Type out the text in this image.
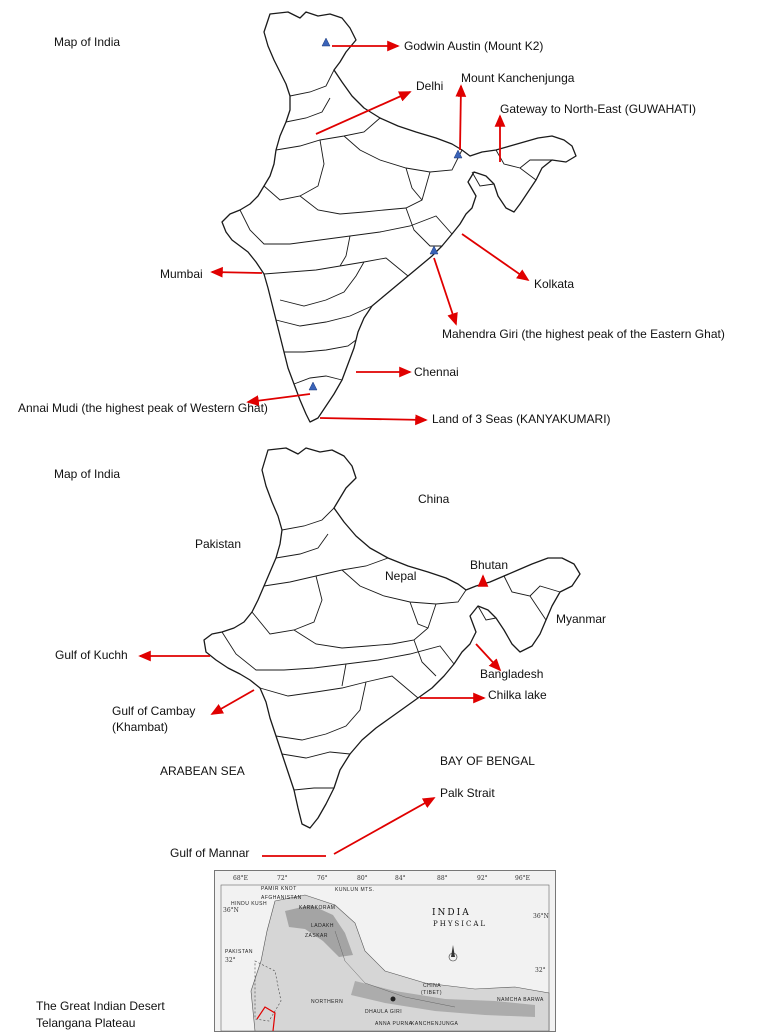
Map of India	Godwin Austin (Mount K2)
Delhi
Mount Kanchenjunga
Gateway to North-East (GUWAHATI)
Mumbai
Kolkata
Mahendra Giri (the highest peak of the Eastern Ghat)
Chennai
Annai Mudi (the highest peak of Western Ghat)
Land of 3 Seas (KANYAKUMARI)
Map of India
China
Pakistan
Nepal
Bhutan
Myanmar
Gulf of Kuchh
Bangladesh
Chilka lake
Gulf of Cambay
(Khambat)
ARABEAN SEA
BAY OF BENGAL
Palk Strait
Gulf of Mannar
68°E	72°	76°	80°	84°	88°	92°	96°E
36°N
36°N
32°
32°
PAMIR KNOT	KUNLUN MTS.
HINDU KUSH
AFGHANISTAN
PAKISTAN
CHINA
(TIBET)
NAMCHA BARWA
KARAKORAM
LADAKH
ZASKAR
NORTHERN
ANNA PURNA
KANCHENJUNGA
DHAULA GIRI
INDIA
PHYSICAL
The Great Indian Desert
Telangana Plateau
